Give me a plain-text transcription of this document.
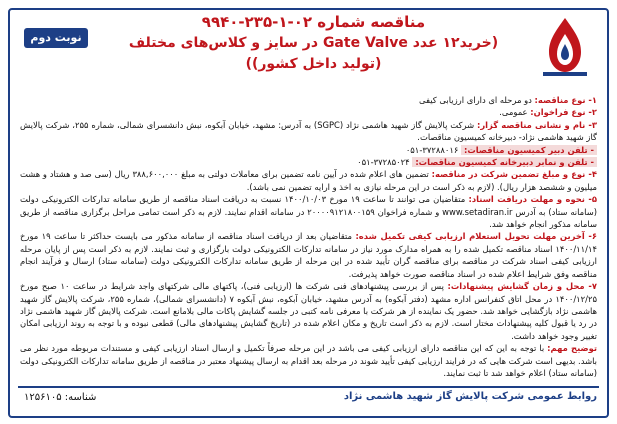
مناقصه شماره ۰۲-۱-۲۳۵-۹۹۴۰
(خرید۱۲ عدد Gate Valve در سایز و کلاس‌های مختلف
(تولید داخل کشور))
نوبت دوم

۱- نوع مناقصه: دو مرحله ای دارای ارزیابی کیفی

۲- نوع فراخوان: عمومی.

۳- نام و نشانی مناقصه گزار: شرکت پالایش گاز شهید هاشمی نژاد (SGPC) به آدرس: مشهد، خیابان آبکوه، نبش دانشسرای شمالی، شماره ۲۵۵، شرکت پالایش گاز شهید هاشمی نژاد- دبیرخانه کمیسیون مناقصات.

- تلفن دبیر کمیسیون مناقصات: ۳۷۲۸۸۰۱۶-۰۵۱

- تلفن و نمابر دبیرخانه کمیسیون مناقصات: ۳۷۲۸۵۰۲۴-۰۵۱

۴- نوع و مبلغ تضمین شرکت در مناقصه: تضمین های اعلام شده در آیین نامه تضمین برای معاملات دولتی به مبلغ ۳۸۸,۶۰۰,۰۰۰ ریال (سی صد و هشتاد و هشت میلیون و ششصد هزار ریال). (لازم به ذکر است در این مرحله نیازی به اخذ و ارایه تضمین نمی باشد).

۵- نحوه و مهلت دریافت اسناد: متقاضیان می توانند تا ساعت ۱۹ مورخ ۱۴۰۰/۱۰/۰۳ نسبت به دریافت اسناد مناقصه از طریق سامانه تدارکات الکترونیکی دولت (سامانه ستاد) به آدرس www.setadiran.ir و شماره فراخوان ۲۰۰۰۰۹۱۲۱۸۰۰۱۵۹ در سامانه اقدام نمایند. لازم به ذکر است تمامی مراحل برگزاری مناقصه از طریق سامانه مذکور انجام خواهد شد.

۶- آخرین مهلت تحویل استعلام ارزیابی کیفی تکمیل شده: متقاضیان بعد از دریافت اسناد مناقصه از سامانه مذکور می بایست حداکثر تا ساعت ۱۹ مورخ ۱۴۰۰/۱۱/۱۴ اسناد مناقصه تکمیل شده را به همراه مدارک مورد نیاز در سامانه تدارکات الکترونیکی دولت بارگزاری و ثبت نمایند. لازم به ذکر است پس از پایان مرحله ارزیابی کیفی اسناد شرکت در مناقصه برای مناقصه گران تأیید شده در این مرحله از طریق سامانه تدارکات الکترونیکی دولت (سامانه ستاد) ارسال و فرآیند انجام مناقصه وفق شرایط اعلام شده در اسناد مناقصه صورت خواهد پذیرفت.

۷- محل و زمان گشایش پیشنهادات: پس از بررسی پیشنهادهای فنی شرکت ها (ارزیابی فنی)، پاکتهای مالی شرکتهای واجد شرایط در ساعت ۱۰ صبح مورخ ۱۴۰۰/۱۲/۲۵ در محل اتاق کنفرانس اداره مشهد (دفتر آبکوه) به آدرس مشهد، خیابان آبکوه، نبش آبکوه ۷ (دانشسرای شمالی)، شماره ۲۵۵، شرکت پالایش گاز شهید هاشمی نژاد بازگشایی خواهد شد. حضور یک نماینده از هر شرکت با معرفی نامه کتبی در جلسه گشایش پاکات مالی بلامانع است. شرکت پالایش گاز شهید هاشمی نژاد در رد یا قبول کلیه پیشنهادات مختار است. لازم به ذکر است تاریخ و مکان اعلام شده در (تاریخ گشایش پیشنهادهای مالی) قطعی نبوده و با توجه به روند ارزیابی امکان تغییر وجود خواهد داشت.

توضیح مهم: با توجه به این که این مناقصه دارای ارزیابی کیفی می باشد در این مرحله صرفاً تکمیل و ارسال اسناد ارزیابی کیفی و مستندات مربوطه مورد نظر می باشد. بدیهی است شرکت هایی که در فرایند ارزیابی کیفی تأیید شوند در مرحله بعد اقدام به ارسال پیشنهاد معتبر در مناقصه از طریق سامانه تدارکات الکترونیکی دولت (سامانه ستاد) اعلام خواهد شد تا ثبت نمایند.

روابط عمومی شرکت پالایش گاز شهید هاشمی نژاد
شناسه: ۱۲۵۶۱۰۵
